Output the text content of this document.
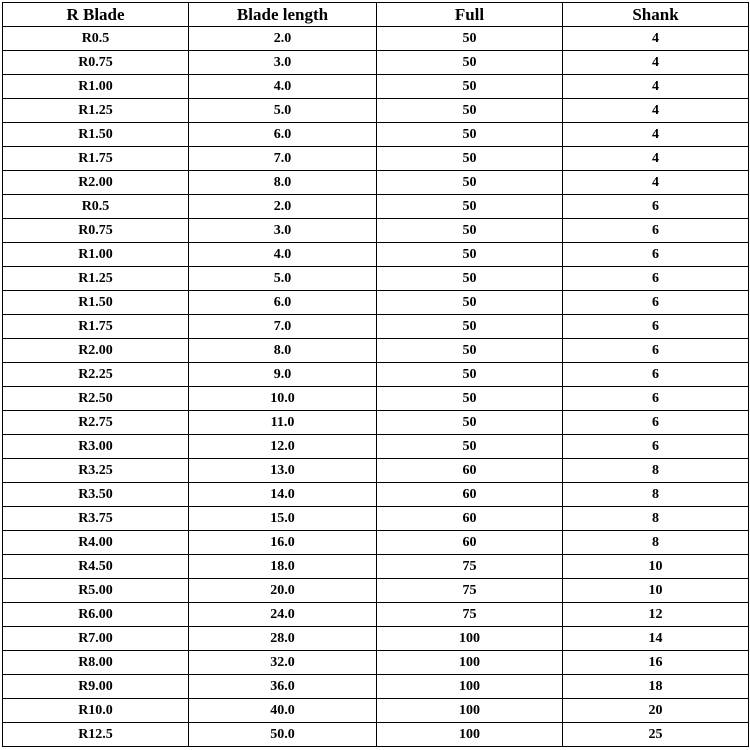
R Blade	Blade length	Full	Shank
R0.5	2.0	50	4
R0.75	3.0	50	4
R1.00	4.0	50	4
R1.25	5.0	50	4
R1.50	6.0	50	4
R1.75	7.0	50	4
R2.00	8.0	50	4
R0.5	2.0	50	6
R0.75	3.0	50	6
R1.00	4.0	50	6
R1.25	5.0	50	6
R1.50	6.0	50	6
R1.75	7.0	50	6
R2.00	8.0	50	6
R2.25	9.0	50	6
R2.50	10.0	50	6
R2.75	11.0	50	6
R3.00	12.0	50	6
R3.25	13.0	60	8
R3.50	14.0	60	8
R3.75	15.0	60	8
R4.00	16.0	60	8
R4.50	18.0	75	10
R5.00	20.0	75	10
R6.00	24.0	75	12
R7.00	28.0	100	14
R8.00	32.0	100	16
R9.00	36.0	100	18
R10.0	40.0	100	20
R12.5	50.0	100	25
